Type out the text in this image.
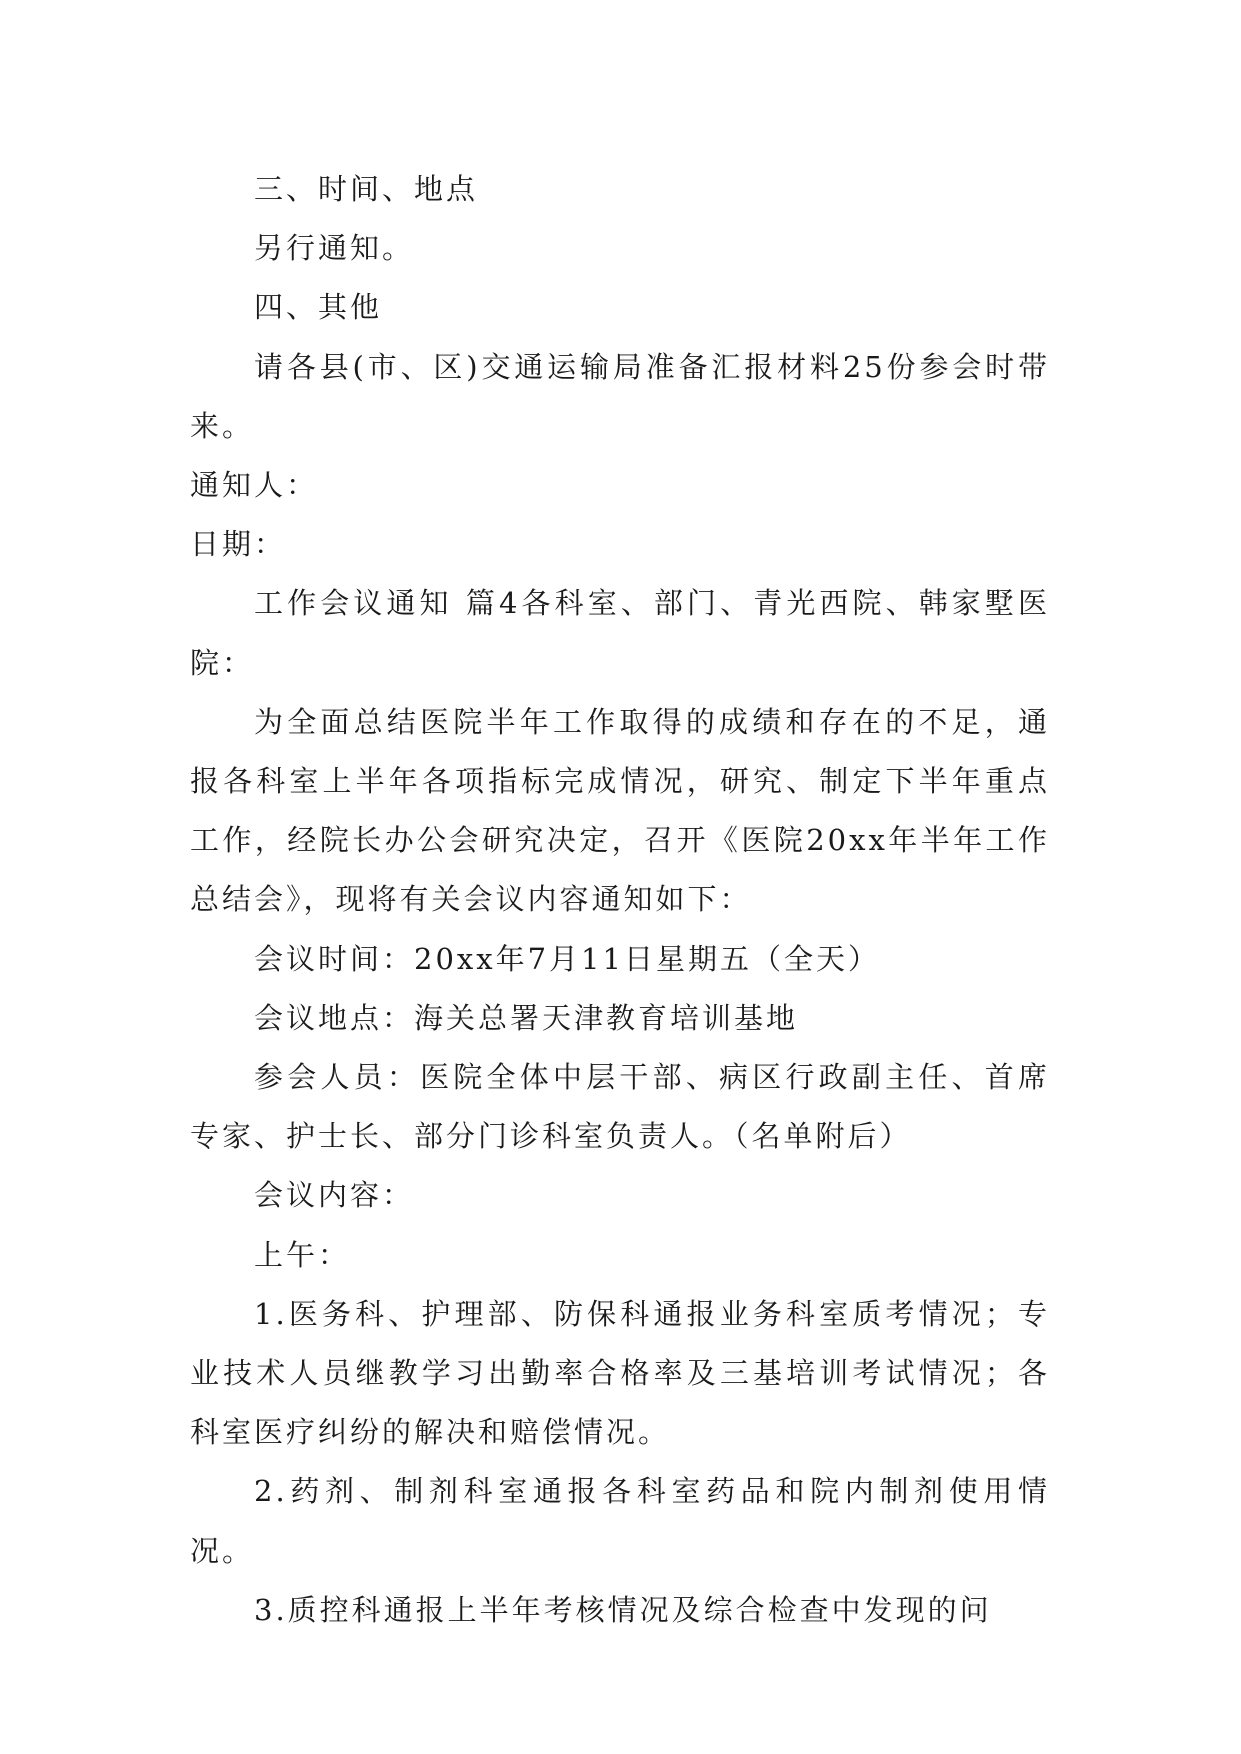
三、时间、地点

另行通知。

四、其他

请各县(市、区)交通运输局准备汇报材料25份参会时带来。

通知人：

日期：

工作会议通知 篇4各科室、部门、青光西院、韩家墅医院：

为全面总结医院半年工作取得的成绩和存在的不足，通报各科室上半年各项指标完成情况，研究、制定下半年重点工作，经院长办公会研究决定，召开《医院20xx年半年工作总结会》，现将有关会议内容通知如下：

会议时间：20xx年7月11日星期五（全天）

会议地点：海关总署天津教育培训基地

参会人员：医院全体中层干部、病区行政副主任、首席专家、护士长、部分门诊科室负责人。（名单附后）

会议内容：

上午：

1.医务科、护理部、防保科通报业务科室质考情况；专业技术人员继教学习出勤率合格率及三基培训考试情况；各科室医疗纠纷的解决和赔偿情况。

2.药剂、制剂科室通报各科室药品和院内制剂使用情况。

3.质控科通报上半年考核情况及综合检查中发现的问
